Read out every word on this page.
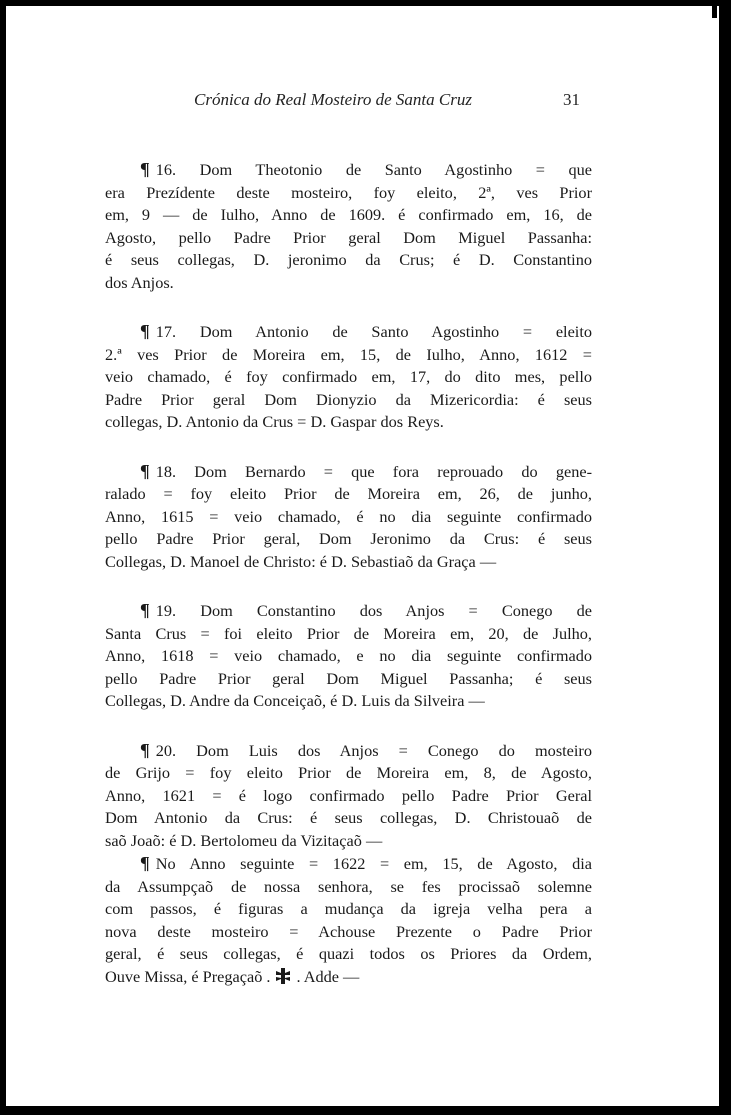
Crónica do Real Mosteiro de Santa Cruz	31

¶ 16. Dom Theotonio de Santo Agostinho = que
era Prezídente deste mosteiro, foy eleito, 2ª, ves Prior
em, 9 — de Iulho, Anno de 1609. é confirmado em, 16, de
Agosto, pello Padre Prior geral Dom Miguel Passanha:
é seus collegas, D. jeronimo da Crus; é D. Constantino
dos Anjos.

¶ 17. Dom Antonio de Santo Agostinho = eleito
2.ª ves Prior de Moreira em, 15, de Iulho, Anno, 1612 =
veio chamado, é foy confirmado em, 17, do dito mes, pello
Padre Prior geral Dom Dionyzio da Mizericordia: é seus
collegas, D. Antonio da Crus = D. Gaspar dos Reys.

¶ 18. Dom Bernardo = que fora reprouado do gene-
ralado = foy eleito Prior de Moreira em, 26, de junho,
Anno, 1615 = veio chamado, é no dia seguinte confirmado
pello Padre Prior geral, Dom Jeronimo da Crus: é seus
Collegas, D. Manoel de Christo: é D. Sebastiaõ da Graça —

¶ 19. Dom Constantino dos Anjos = Conego de
Santa Crus = foi eleito Prior de Moreira em, 20, de Julho,
Anno, 1618 = veio chamado, e no dia seguinte confirmado
pello Padre Prior geral Dom Miguel Passanha; é seus
Collegas, D. Andre da Conceiçaõ, é D. Luis da Silveira —

¶ 20. Dom Luis dos Anjos = Conego do mosteiro
de Grijo = foy eleito Prior de Moreira em, 8, de Agosto,
Anno, 1621 = é logo confirmado pello Padre Prior Geral
Dom Antonio da Crus: é seus collegas, D. Christouaõ de
saõ Joaõ: é D. Bertolomeu da Vizitaçaõ —

¶ No Anno seguinte = 1622 = em, 15, de Agosto, dia
da Assumpçaõ de nossa senhora, se fes procissaõ solemne
com passos, é figuras a mudança da igreja velha pera a
nova deste mosteiro = Achouse Prezente o Padre Prior
geral, é seus collegas, é quazi todos os Priores da Ordem,
Ouve Missa, é Pregaçaõ . . Adde —
